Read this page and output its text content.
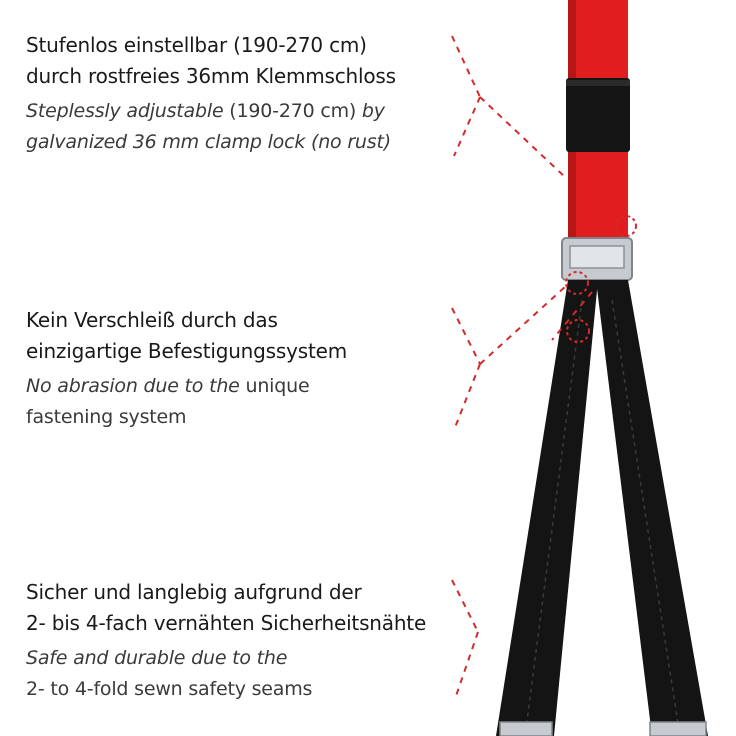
Stufenlos einstellbar (190-270 cm)
durch rostfreies 36mm Klemmschloss

Steplessly adjustable (190-270 cm) by
galvanized 36 mm clamp lock (no rust)

Kein Verschleiß durch das
einzigartige Befestigungssystem

No abrasion due to the unique
fastening system

Sicher und langlebig aufgrund der
2- bis 4-fach vernähten Sicherheitsnähte

Safe and durable due to the
2- to 4-fold sewn safety seams
